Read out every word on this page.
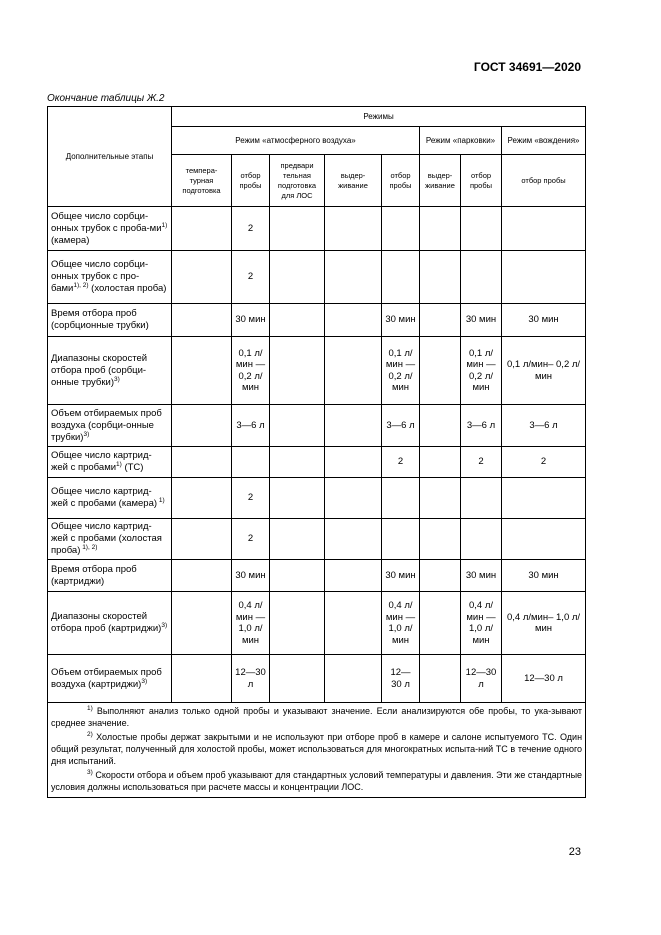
ГОСТ 34691—2020
Окончание таблицы Ж.2
Дополнительные этапы	Режимы							
	Режим «атмосферного воздуха»					Режим «парковки»		Режим «вождения»
	темпера-турная подготовка	отбор пробы	предвари тельная подготовка для ЛОС	выдер-живание	отбор пробы	выдер-живание	отбор пробы	отбор пробы
Общее число сорбци-онных трубок с проба-$ми^{1)}$ (камера)		2						
Общее число сорбци-онных трубок с про-бами$^{1), 2)}$ (холостая проба)		2						
Время отбора проб (сорбционные трубки)		30 мин			30 мин		30 мин	30 мин
Диапазоны скоростей отбора проб (сорбци-онные трубки)$^{3)}$		0,1 л/мин — 0,2 л/мин			0,1 л/мин — 0,2 л/мин		0,1 л/мин — 0,2 л/мин	0,1 л/мин– 0,2 л/мин
Объем отбираемых проб воздуха (сорбци-онные трубки)$^{3)}$		3—6 л			3—6 л		3—6 л	3—6 л
Общее число картрид-жей с пробами$^{1)}$ (ТС)					2		2	2
Общее число картрид-жей с пробами (камера) $^{1)}$		2						
Общее число картрид-жей с пробами (холостая проба) $^{1), 2)}$		2						
Время отбора проб (картриджи)		30 мин			30 мин		30 мин	30 мин
Диапазоны скоростей отбора проб (картриджи)$^{3)}$		0,4 л/мин — 1,0 л/мин			0,4 л/мин — 1,0 л/мин		0,4 л/мин — 1,0 л/мин	0,4 л/мин– 1,0 л/мин
Объем отбираемых проб воздуха (картриджи)$^{3)}$		12—30 л			12— 30 л		12—30 л	12—30 л

$^{1)}$ Выполняют анализ только одной пробы и указывают значение. Если анализируются обе пробы, то ука-зывают среднее значение.

$^{2)}$ Холостые пробы держат закрытыми и не используют при отборе проб в камере и салоне испытуемого ТС. Один общий результат, полученный для холостой пробы, может использоваться для многократных испыта-ний ТС в течение одного дня испытаний.

$^{3)}$ Скорости отбора и объем проб указывают для стандартных условий температуры и давления. Эти же стандартные условия должны использоваться при расчете массы и концентрации ЛОС.								

23
